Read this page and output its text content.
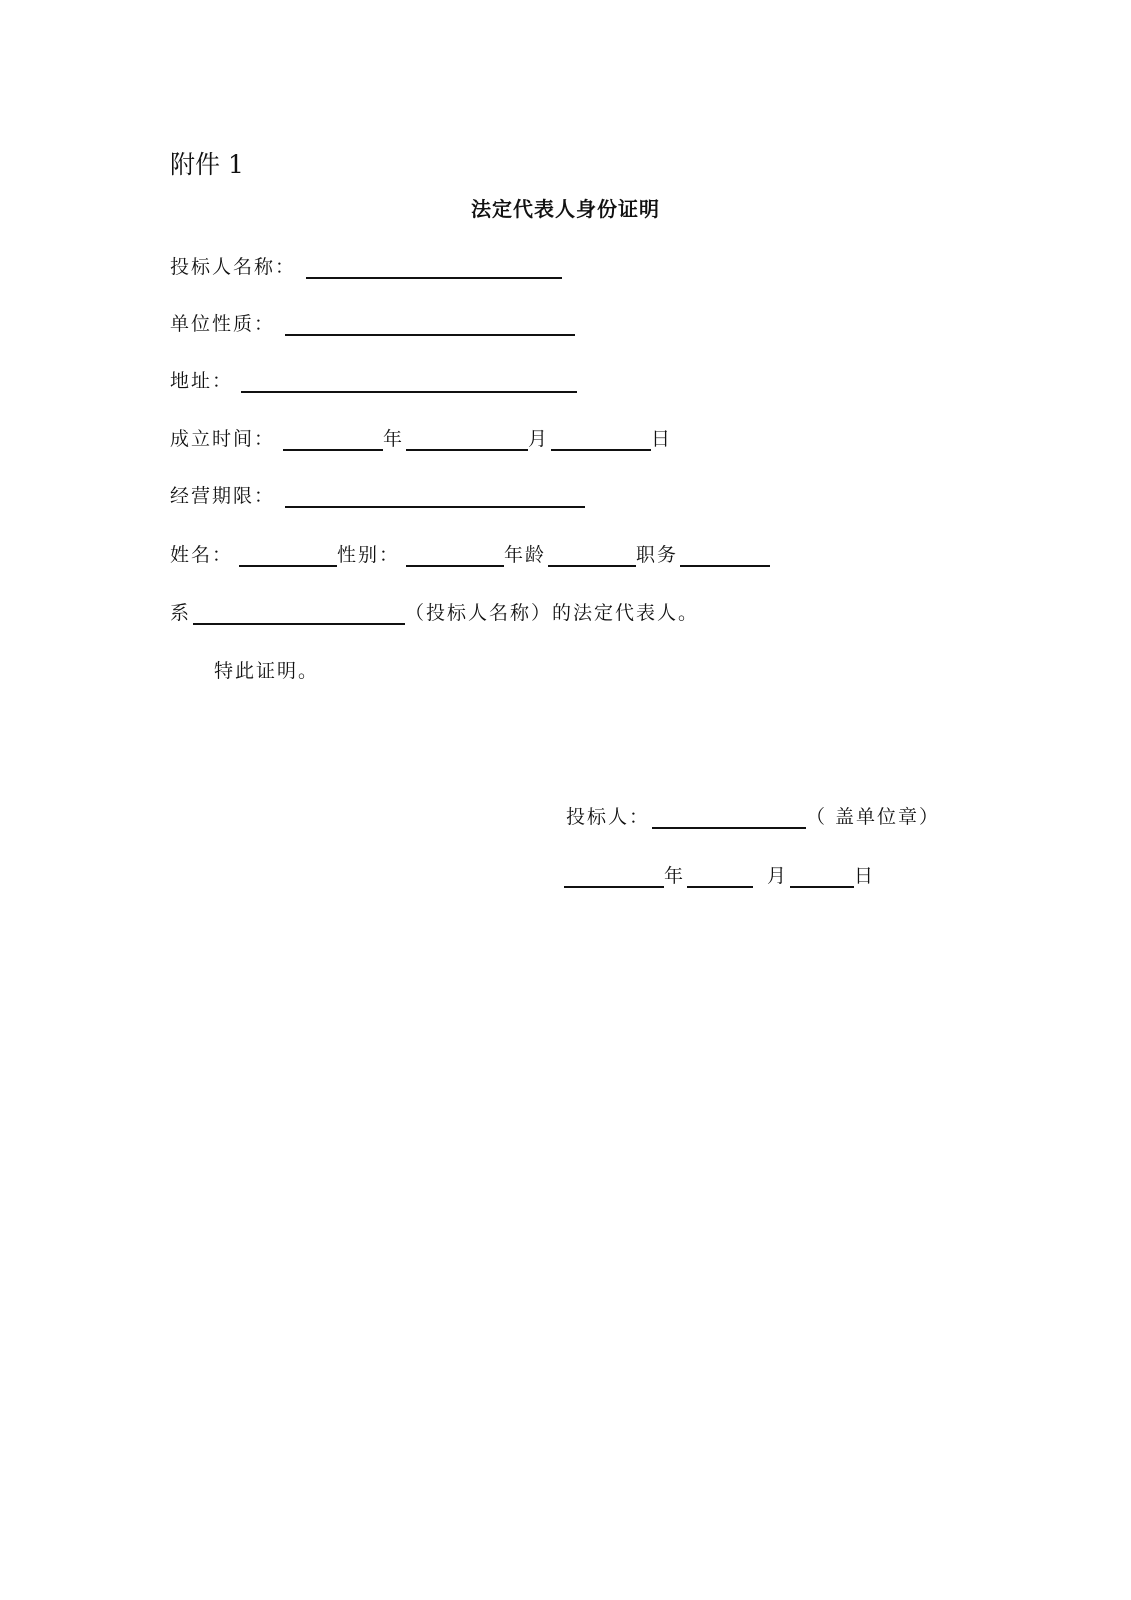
附件 1
法定代表人身份证明
投标人名称：
单位性质：
地址：
成立时间：	年	月	日
经营期限：
姓名：	性别：	年龄	职务
系	（投标人名称）的法定代表人。
特此证明。
投标人：	（ 盖单位章）
年	月	日
